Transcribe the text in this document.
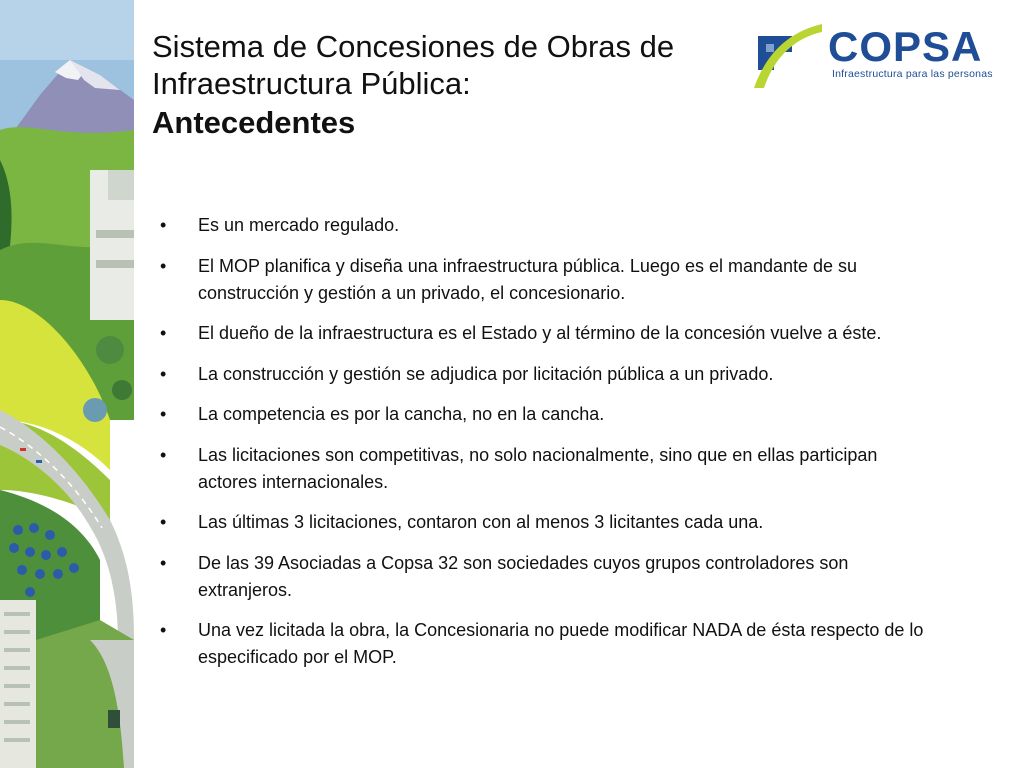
Sistema de Concesiones de Obras de
Infraestructura Pública:
Antecedentes
COPSA
Infraestructura para las personas
•	Es un mercado regulado.
•	El MOP planifica y diseña una infraestructura pública. Luego es el mandante de su construcción y gestión a un privado, el concesionario.
•	El dueño de la infraestructura es el Estado y al término de la concesión vuelve a éste.
•	La construcción y gestión se adjudica por licitación pública a un privado.
•	La competencia es por la cancha, no en la cancha.
•	Las licitaciones son competitivas, no solo nacionalmente, sino que en ellas participan actores internacionales.
•	Las últimas 3 licitaciones, contaron con al menos 3 licitantes cada una.
•	De las 39 Asociadas a Copsa 32 son sociedades cuyos grupos controladores son extranjeros.
•	Una vez licitada la obra, la Concesionaria no puede modificar NADA de ésta respecto de lo especificado por el MOP.
